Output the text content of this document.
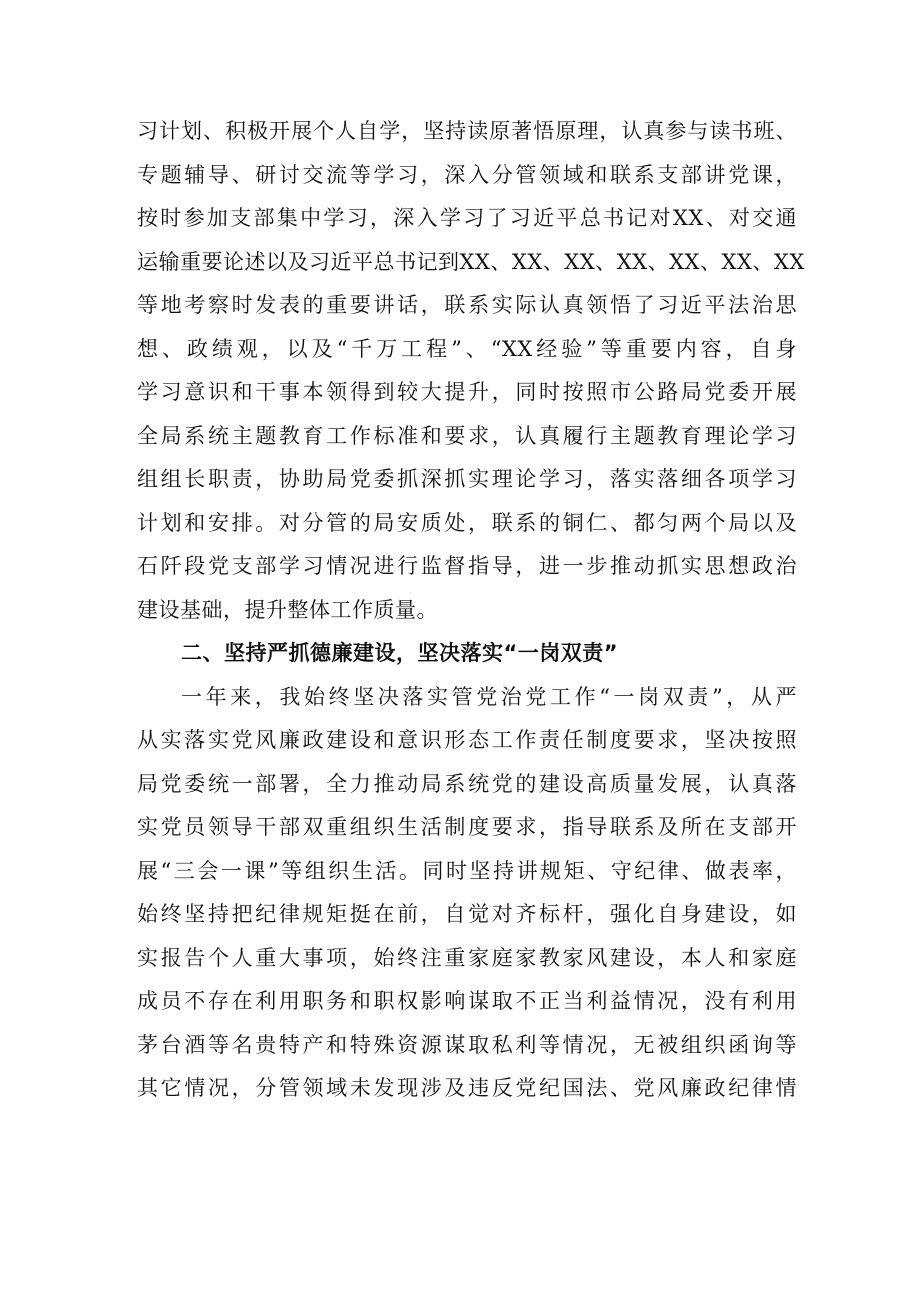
习计划、积极开展个人自学，坚持读原著悟原理，认真参与读书班、
专题辅导、研讨交流等学习，深入分管领域和联系支部讲党课，
按时参加支部集中学习，深入学习了习近平总书记对XX、对交通
运输重要论述以及习近平总书记到XX、XX、XX、XX、XX、XX、XX
等地考察时发表的重要讲话，联系实际认真领悟了习近平法治思
想、政绩观，以及“千万工程”、“XX经验”等重要内容，自身
学习意识和干事本领得到较大提升，同时按照市公路局党委开展
全局系统主题教育工作标准和要求，认真履行主题教育理论学习
组组长职责，协助局党委抓深抓实理论学习，落实落细各项学习
计划和安排。对分管的局安质处，联系的铜仁、都匀两个局以及
石阡段党支部学习情况进行监督指导，进一步推动抓实思想政治
建设基础，提升整体工作质量。
二、坚持严抓德廉建设，坚决落实“一岗双责”
一年来，我始终坚决落实管党治党工作“一岗双责”，从严
从实落实党风廉政建设和意识形态工作责任制度要求，坚决按照
局党委统一部署，全力推动局系统党的建设高质量发展，认真落
实党员领导干部双重组织生活制度要求，指导联系及所在支部开
展“三会一课”等组织生活。同时坚持讲规矩、守纪律、做表率，
始终坚持把纪律规矩挺在前，自觉对齐标杆，强化自身建设，如
实报告个人重大事项，始终注重家庭家教家风建设，本人和家庭
成员不存在利用职务和职权影响谋取不正当利益情况，没有利用
茅台酒等名贵特产和特殊资源谋取私利等情况，无被组织函询等
其它情况，分管领域未发现涉及违反党纪国法、党风廉政纪律情
